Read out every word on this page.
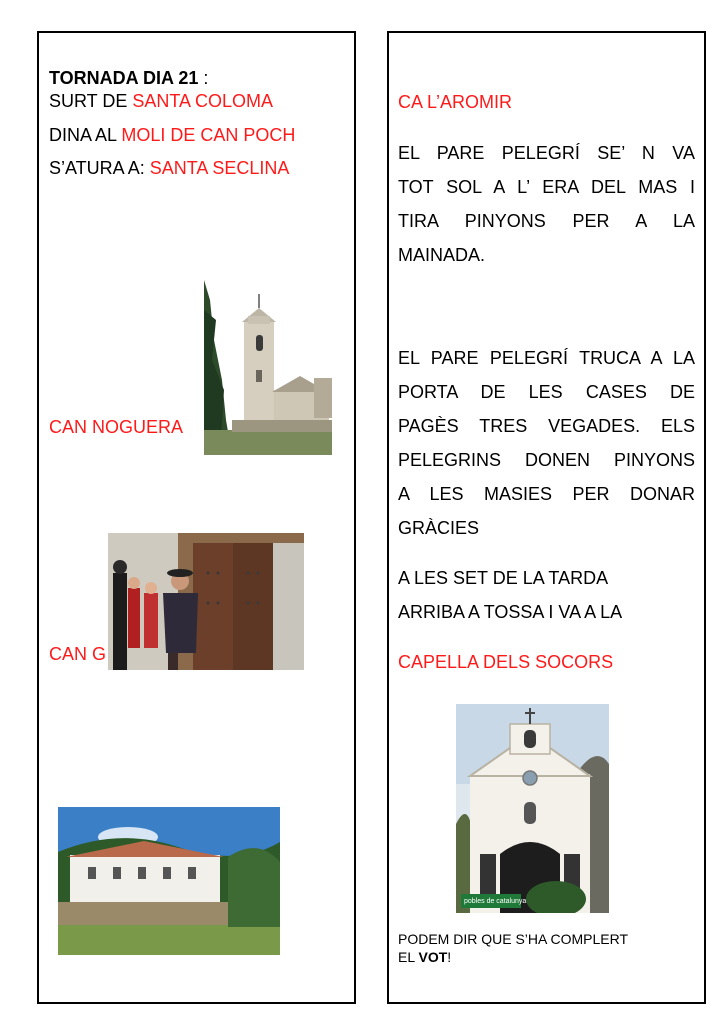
TORNADA DIA 21 :
SURT DE SANTA COLOMA
DINA AL MOLI DE CAN POCH
S’ATURA A: SANTA SECLINA
CAN NOGUERA
CAN G
CA L’AROMIR
EL PARE PELEGRÍ SE’ N VA
TOT SOL A L’ ERA DEL MAS I
TIRA PINYONS PER A LA
MAINADA.
EL PARE PELEGRÍ TRUCA A LA
PORTA DE LES CASES DE
PAGÈS TRES VEGADES. ELS
PELEGRINS DONEN PINYONS
A LES MASIES PER DONAR
GRÀCIES
A LES SET DE LA TARDA
ARRIBA A TOSSA I VA A LA
CAPELLA DELS SOCORS
pobles de catalunya
PODEM DIR QUE S’HA COMPLERT
EL VOT!
